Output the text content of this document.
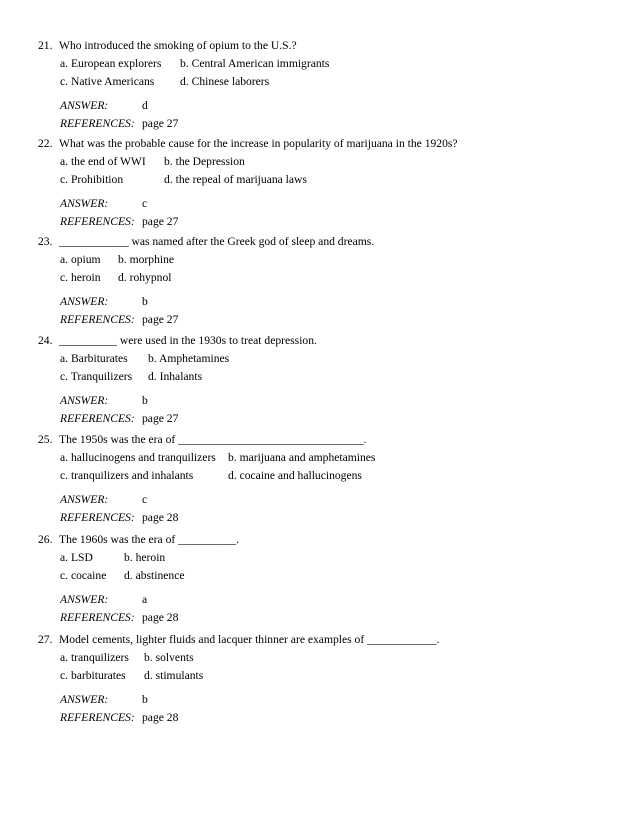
21. Who introduced the smoking of opium to the U.S.?
a. European explorers b. Central American immigrants
c. Native Americans d. Chinese laborers
ANSWER:	d
REFERENCES: page 27
22. What was the probable cause for the increase in popularity of marijuana in the 1920s?
a. the end of WWI b. the Depression
c. Prohibition	d. the repeal of marijuana laws
ANSWER:	c
REFERENCES: page 27
23. ____________ was named after the Greek god of sleep and dreams.
a. opium b. morphine
c. heroin d. rohypnol
ANSWER:	b
REFERENCES: page 27
24. __________ were used in the 1930s to treat depression.
a. Barbiturates b. Amphetamines
c. Tranquilizers d. Inhalants
ANSWER:	b
REFERENCES: page 27
25. The 1950s was the era of ________________________________.
a. hallucinogens and tranquilizers b. marijuana and amphetamines
c. tranquilizers and inhalants	d. cocaine and hallucinogens
ANSWER:	c
REFERENCES: page 28
26. The 1960s was the era of __________.
a. LSD	b. heroin
c. cocaine d. abstinence
ANSWER:	a
REFERENCES: page 28
27. Model cements, lighter fluids and lacquer thinner are examples of ____________.
a. tranquilizers b. solvents
c. barbiturates d. stimulants
ANSWER:	b
REFERENCES: page 28
